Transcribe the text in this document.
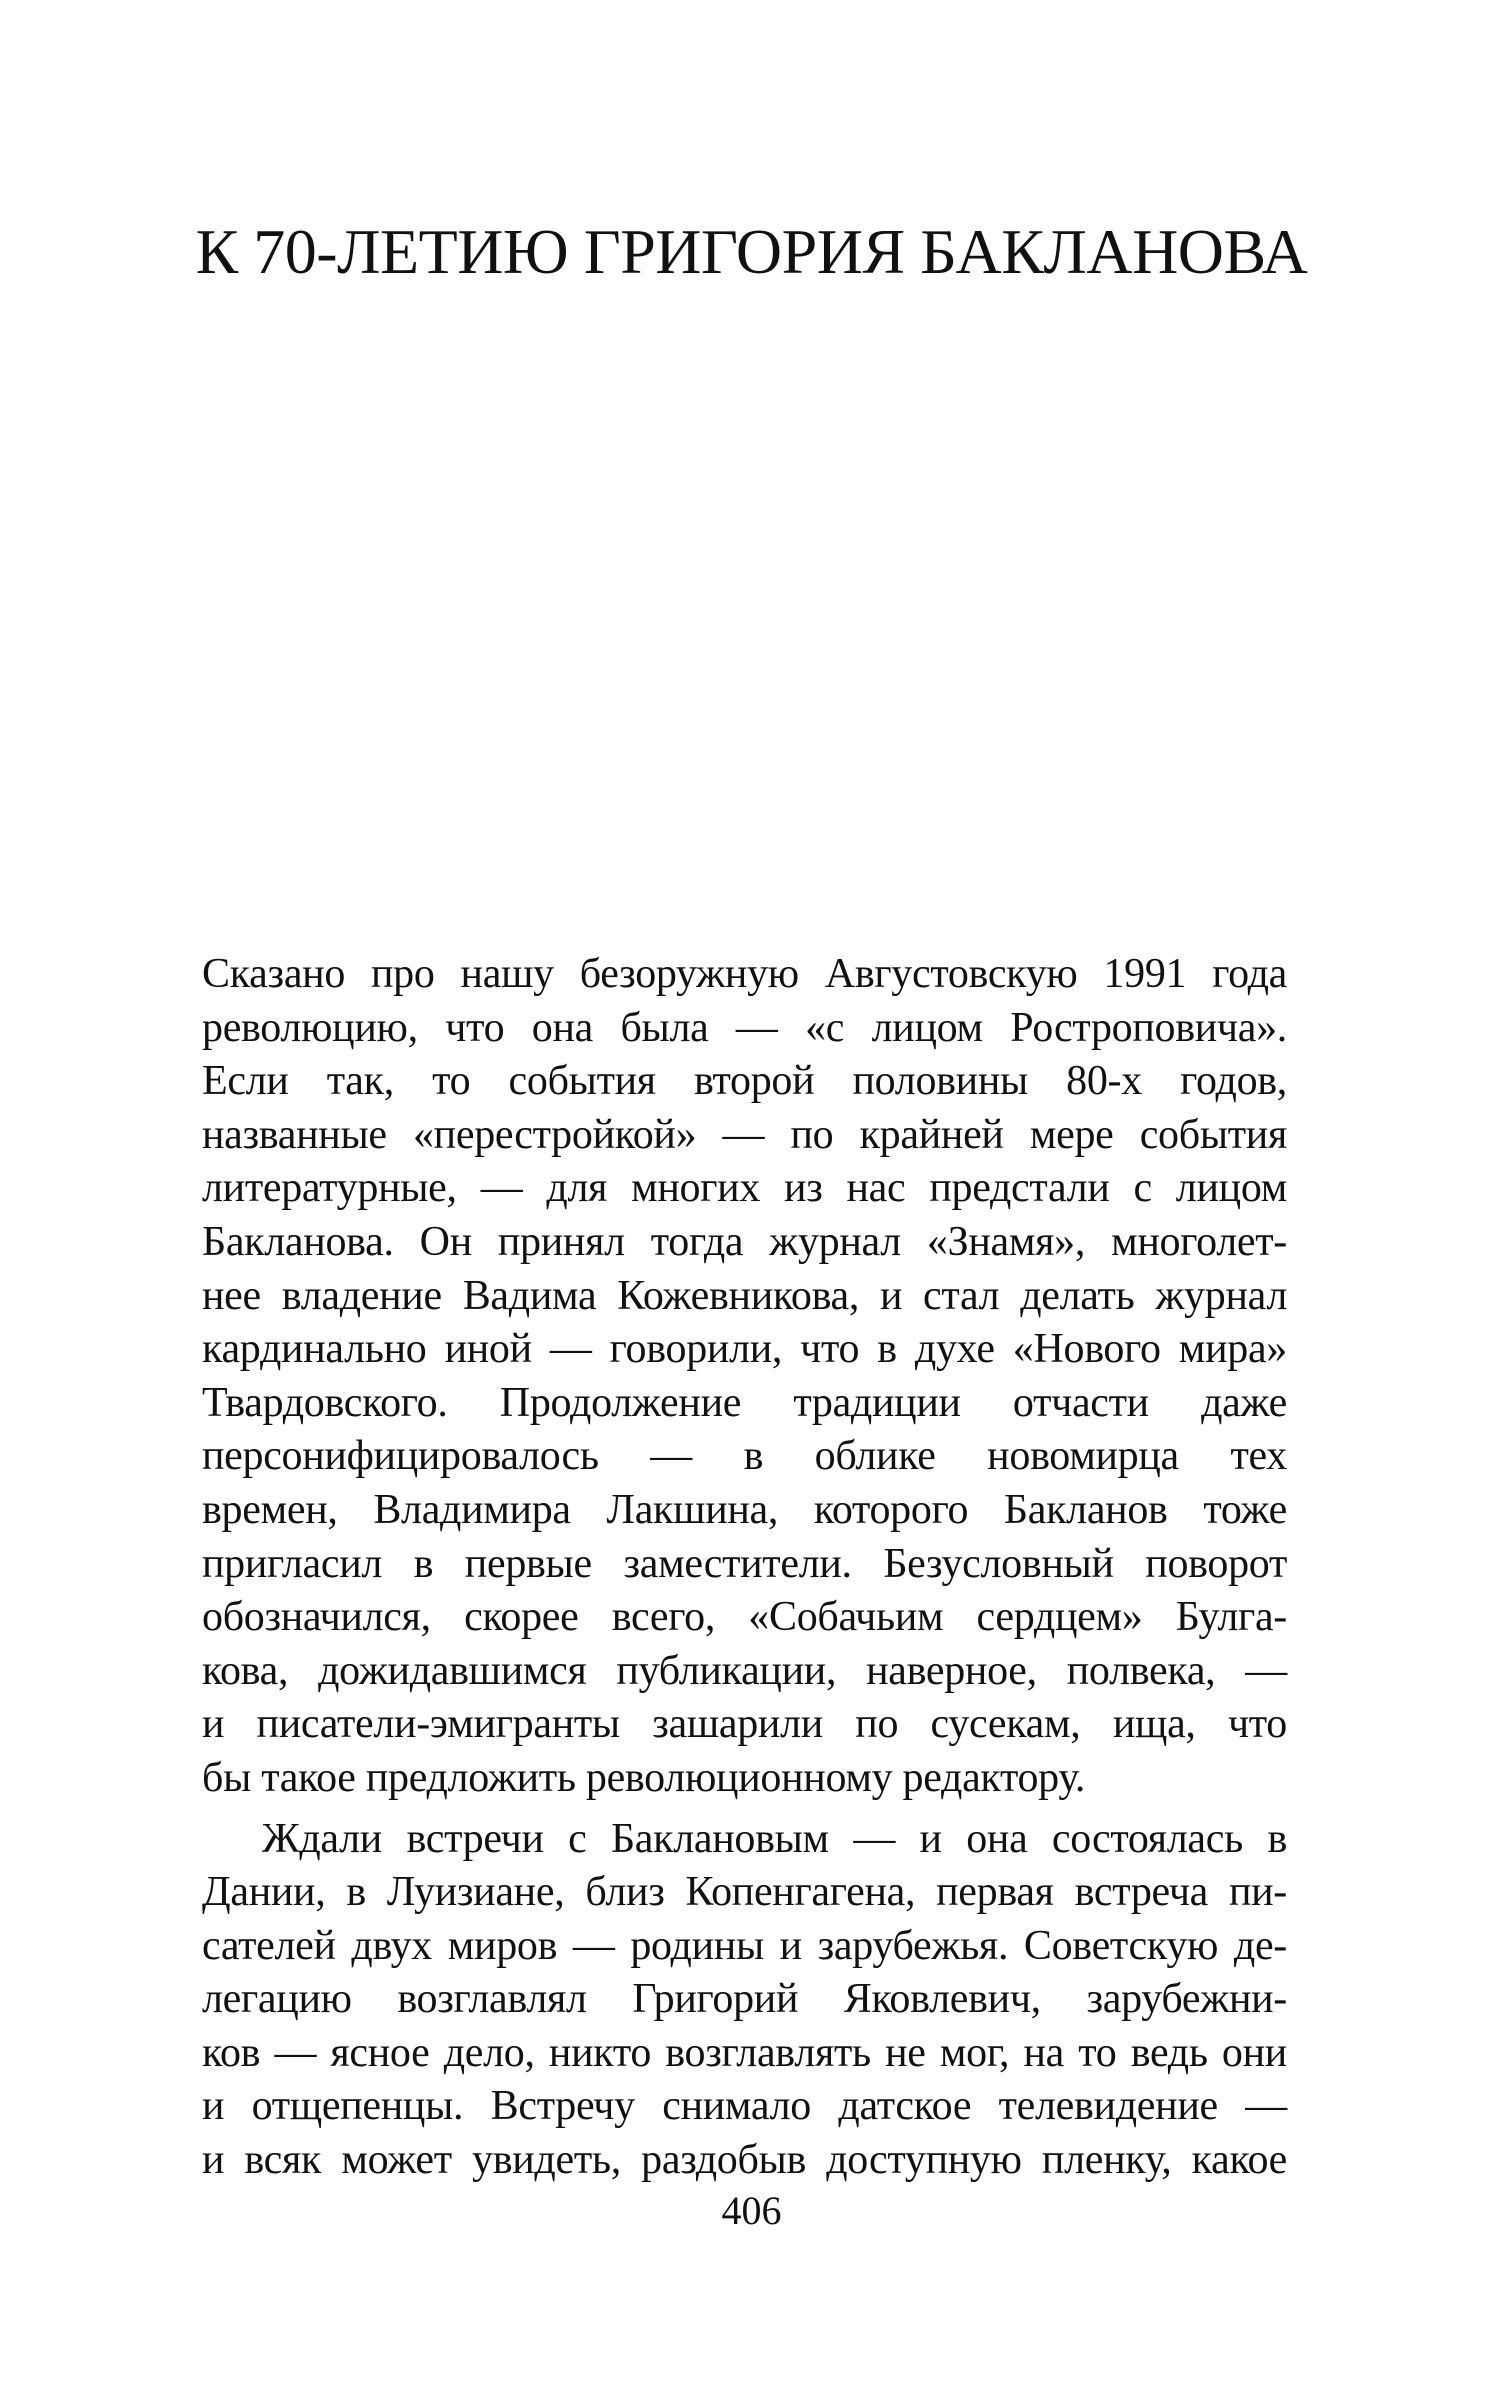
К 70-ЛЕТИЮ ГРИГОРИЯ БАКЛАНОВА
Сказано про нашу безоружную Августовскую 1991 года
революцию, что она была — «с лицом Ростроповича».
Если так, то события второй половины 80-х годов,
названные «перестройкой» — по крайней мере события
литературные, — для многих из нас предстали с лицом
Бакланова. Он принял тогда журнал «Знамя», многолет-
нее владение Вадима Кожевникова, и стал делать журнал
кардинально иной — говорили, что в духе «Нового мира»
Твардовского. Продолжение традиции отчасти даже
персонифицировалось — в облике новомирца тех
времен, Владимира Лакшина, которого Бакланов тоже
пригласил в первые заместители. Безусловный поворот
обозначился, скорее всего, «Собачьим сердцем» Булга-
кова, дожидавшимся публикации, наверное, полвека, —
и писатели-эмигранты зашарили по сусекам, ища, что
бы такое предложить революционному редактору.
Ждали встречи с Баклановым — и она состоялась в
Дании, в Луизиане, близ Копенгагена, первая встреча пи-
сателей двух миров — родины и зарубежья. Советскую де-
легацию возглавлял Григорий Яковлевич, зарубежни-
ков — ясное дело, никто возглавлять не мог, на то ведь они
и отщепенцы. Встречу снимало датское телевидение —
и всяк может увидеть, раздобыв доступную пленку, какое
406
